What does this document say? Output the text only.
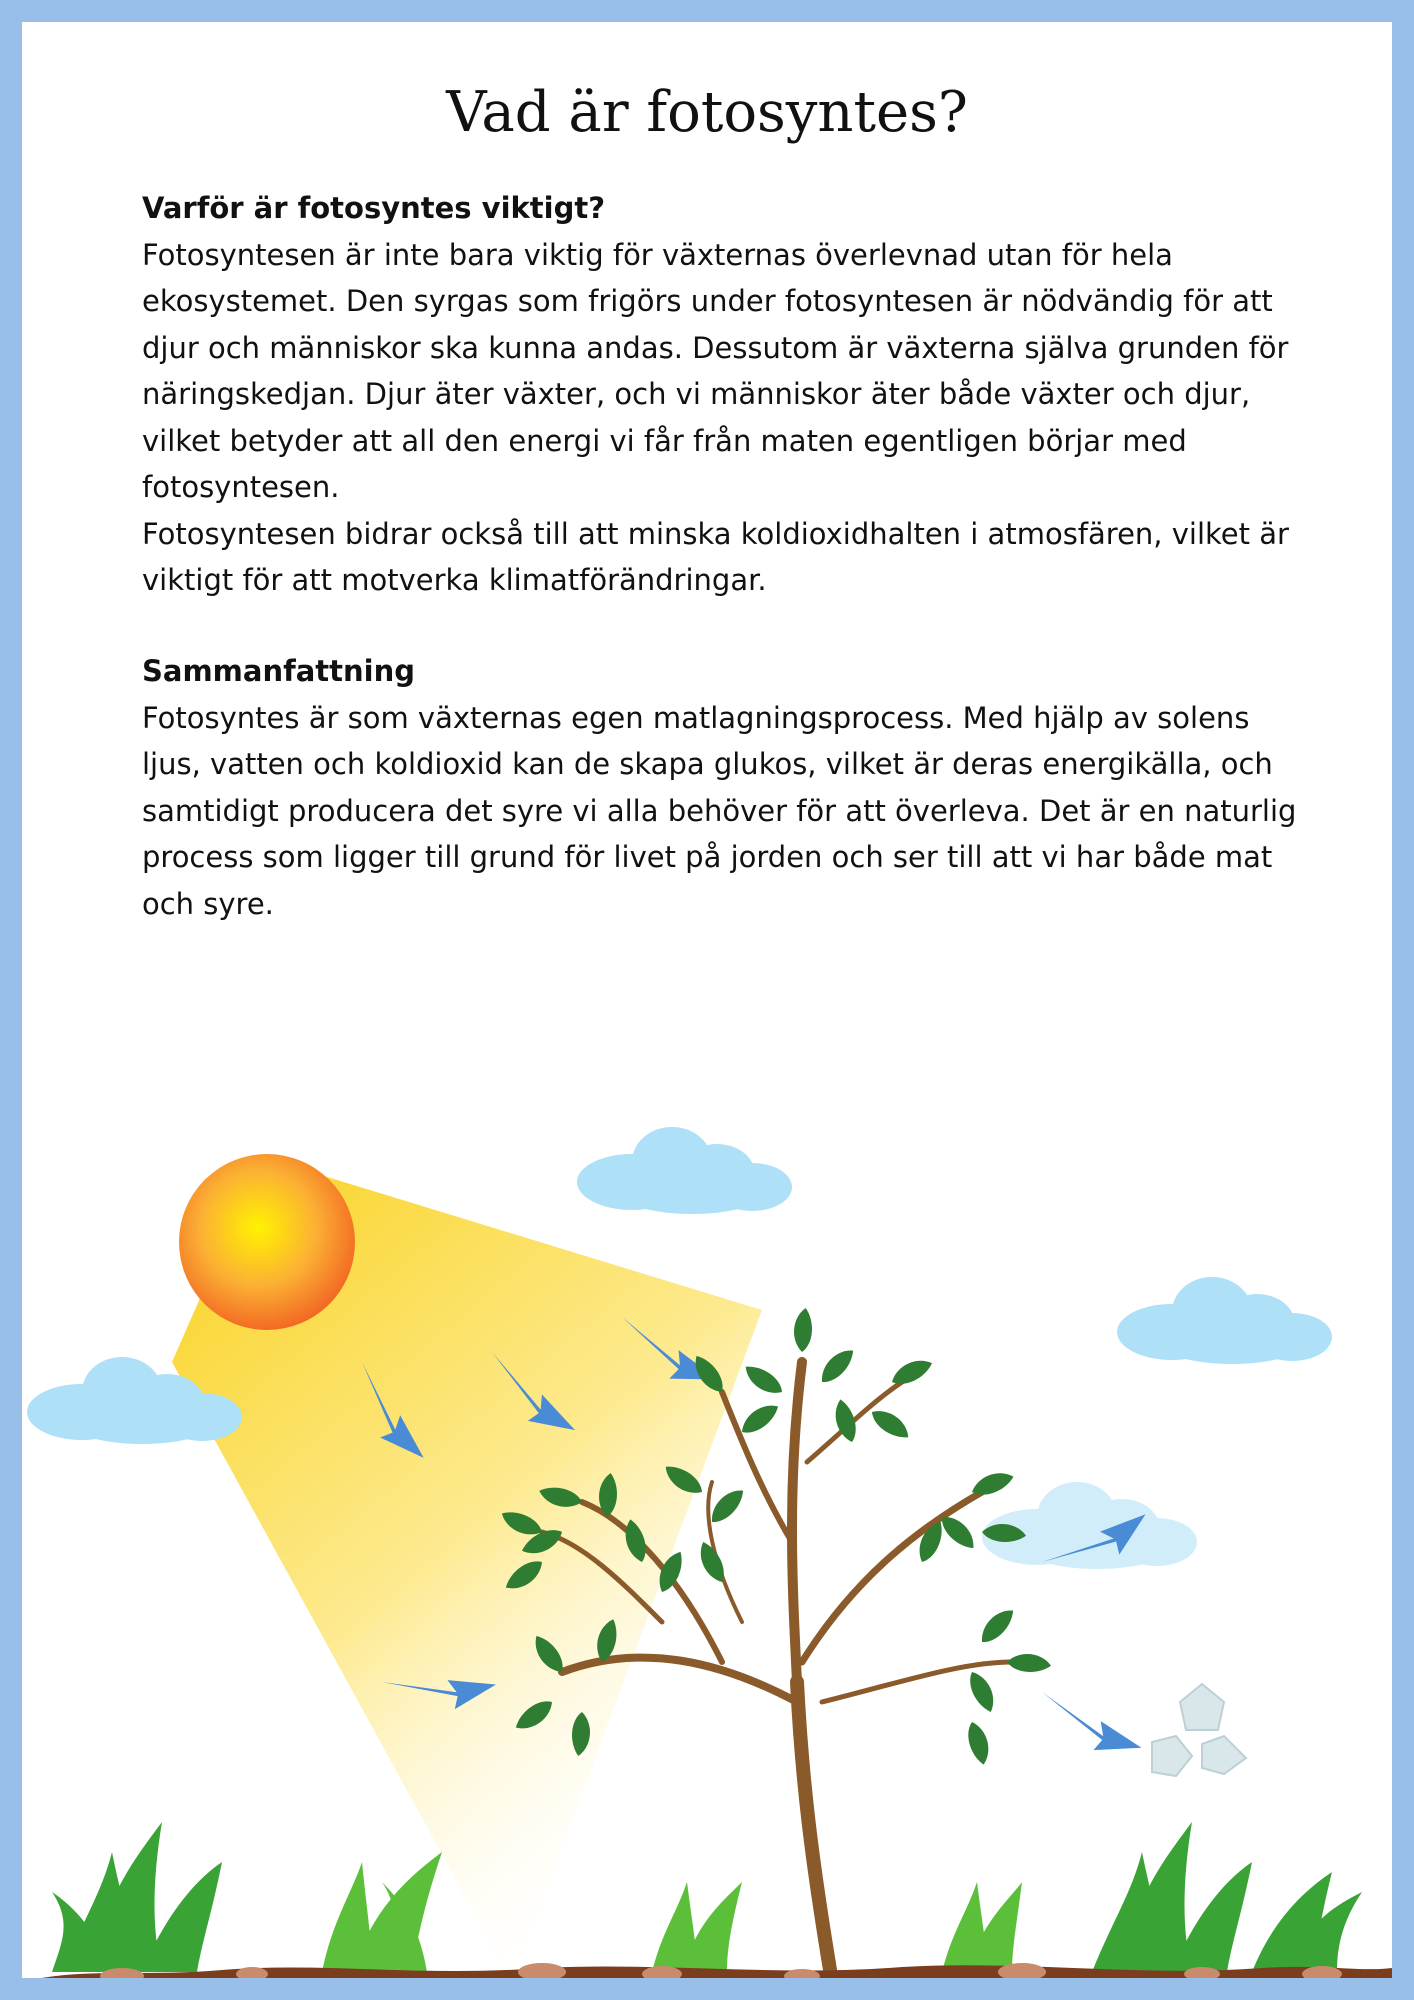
Vad är fotosyntes?
Varför är fotosyntes viktigt?

Fotosyntesen är inte bara viktig för växternas överlevnad utan för hela ekosystemet. Den syrgas som frigörs under fotosyntesen är nödvändig för att djur och människor ska kunna andas. Dessutom är växterna själva grunden för näringskedjan. Djur äter växter, och vi människor äter både växter och djur, vilket betyder att all den energi vi får från maten egentligen börjar med fotosyntesen.

Fotosyntesen bidrar också till att minska koldioxidhalten i atmosfären, vilket är viktigt för att motverka klimatförändringar.

Sammanfattning

Fotosyntes är som växternas egen matlagningsprocess. Med hjälp av solens ljus, vatten och koldioxid kan de skapa glukos, vilket är deras energikälla, och samtidigt producera det syre vi alla behöver för att överleva. Det är en naturlig process som ligger till grund för livet på jorden och ser till att vi har både mat och syre.
